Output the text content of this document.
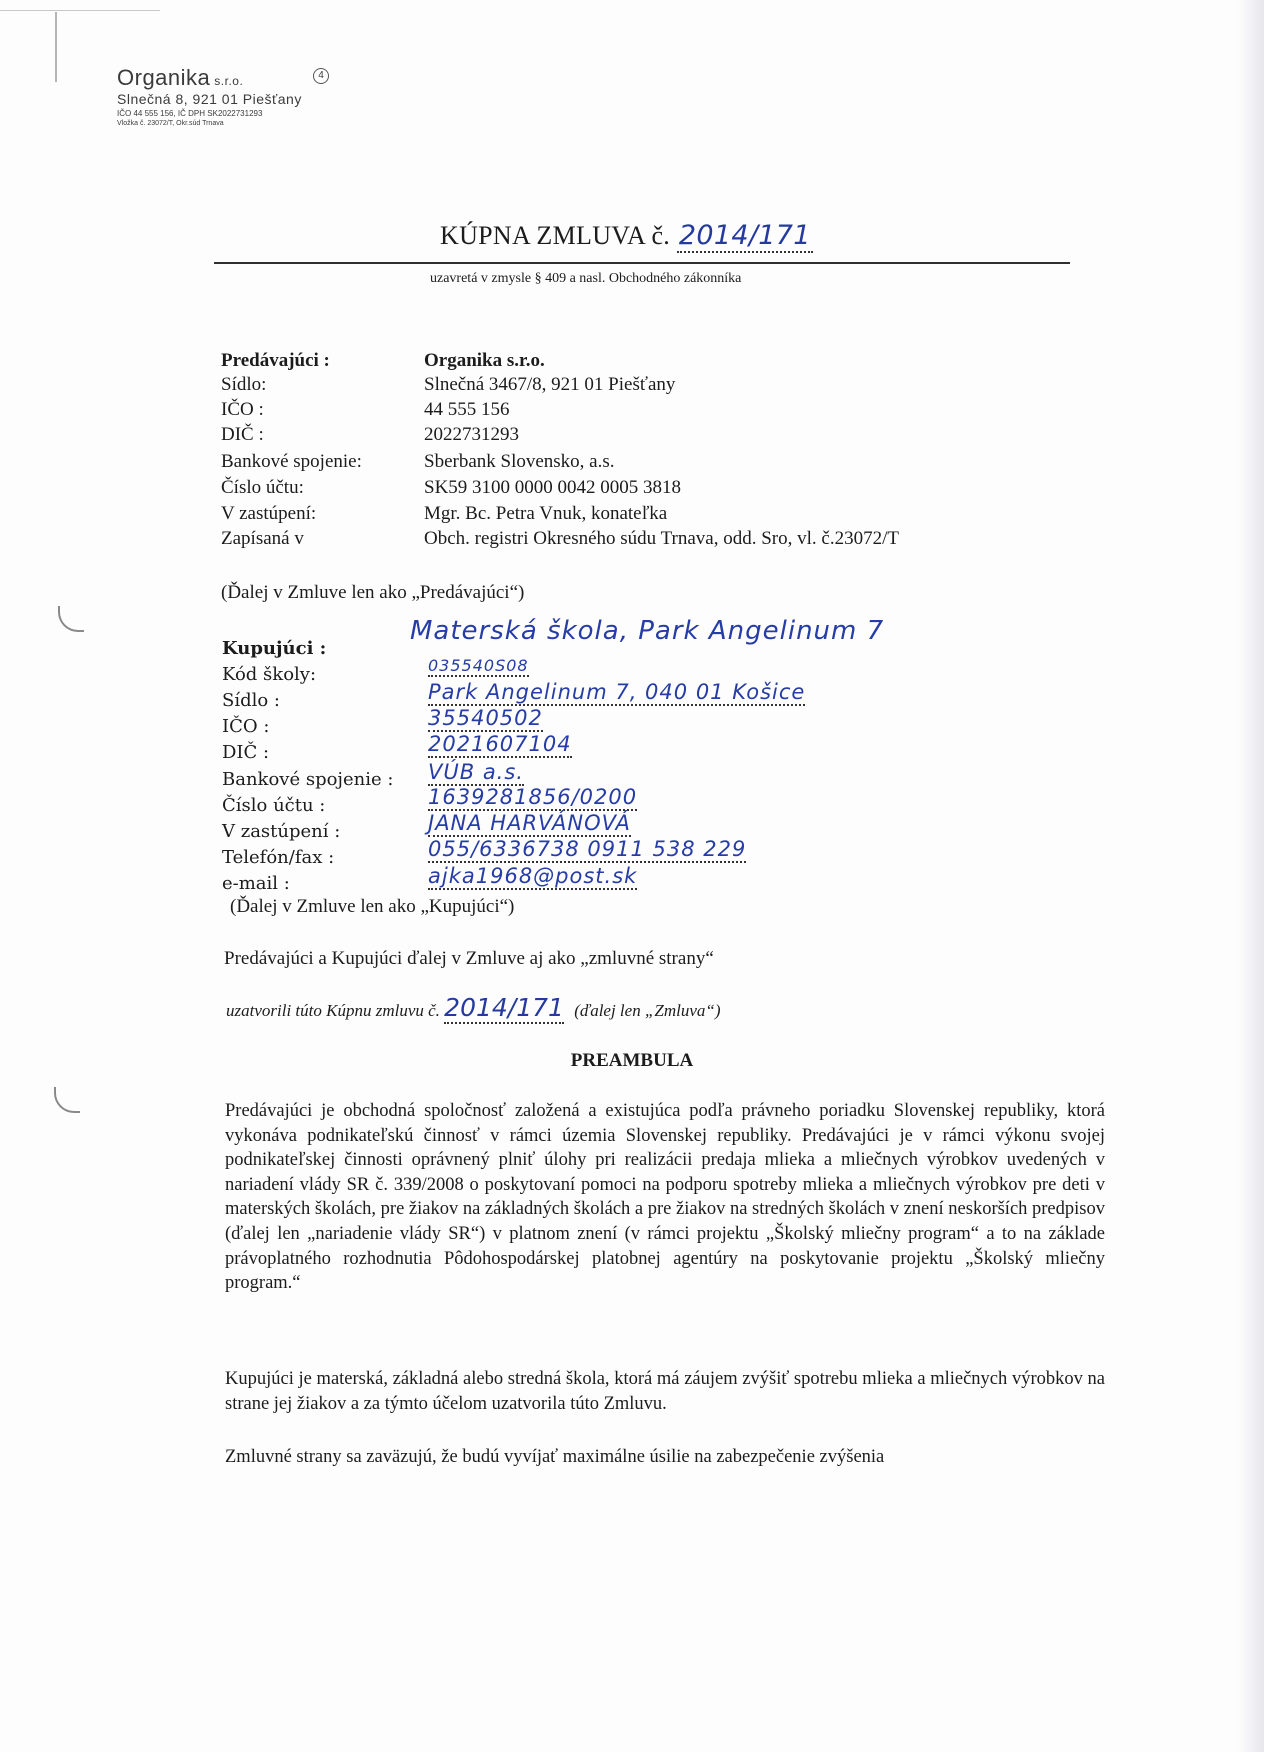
Organika s.r.o.	4
Slnečná 8, 921 01 Piešťany
IČO 44 555 156, IČ DPH SK2022731293
Vložka č. 23072/T, Okr.súd Trnava
KÚPNA ZMLUVA č. 2014/171
uzavretá v zmysle § 409 a nasl. Obchodného zákonníka
Predávajúci :	Organika s.r.o.
Sídlo:	Slnečná 3467/8, 921 01 Piešťany
IČO :	44 555 156
DIČ :	2022731293
Bankové spojenie:	Sberbank Slovensko, a.s.
Číslo účtu:	SK59 3100 0000 0042 0005 3818
V zastúpení:	Mgr. Bc. Petra Vnuk, konateľka
Zapísaná v	Obch. registri Okresného súdu Trnava, odd. Sro, vl. č.23072/T
(Ďalej v Zmluve len ako „Predávajúci“)
Kupujúci :
Materská škola, Park Angelinum 7
Kód školy:	035540S08
Sídlo :	Park Angelinum 7, 040 01 Košice
IČO :	35540502
DIČ :	2021607104
Bankové spojenie : VÚB a.s.
Číslo účtu :	1639281856/0200
V zastúpení :	JANA HARVÁNOVÁ
Telefón/fax :	055/6336738 0911 538 229
e-mail :	ajka1968@post.sk
(Ďalej v Zmluve len ako „Kupujúci“)
Predávajúci a Kupujúci ďalej v Zmluve aj ako „zmluvné strany“
uzatvorili túto Kúpnu zmluvu č. 2014/171 (ďalej len „Zmluva“)
PREAMBULA
Predávajúci je obchodná spoločnosť založená a existujúca podľa právneho poriadku Slovenskej republiky, ktorá vykonáva podnikateľskú činnosť v rámci územia Slovenskej republiky. Predávajúci je v rámci výkonu svojej podnikateľskej činnosti oprávnený plniť úlohy pri realizácii predaja mlieka a mliečnych výrobkov uvedených v nariadení vlády SR č. 339/2008 o poskytovaní pomoci na podporu spotreby mlieka a mliečnych výrobkov pre deti v materských školách, pre žiakov na základných školách a pre žiakov na stredných školách v znení neskorších predpisov (ďalej len „nariadenie vlády SR“) v platnom znení (v rámci projektu „Školský mliečny program“ a to na základe právoplatného rozhodnutia Pôdohospodárskej platobnej agentúry na poskytovanie projektu „Školský mliečny program.“
Kupujúci je materská, základná alebo stredná škola, ktorá má záujem zvýšiť spotrebu mlieka a mliečnych výrobkov na strane jej žiakov a za týmto účelom uzatvorila túto Zmluvu.
Zmluvné strany sa zaväzujú, že budú vyvíjať maximálne úsilie na zabezpečenie zvýšenia
